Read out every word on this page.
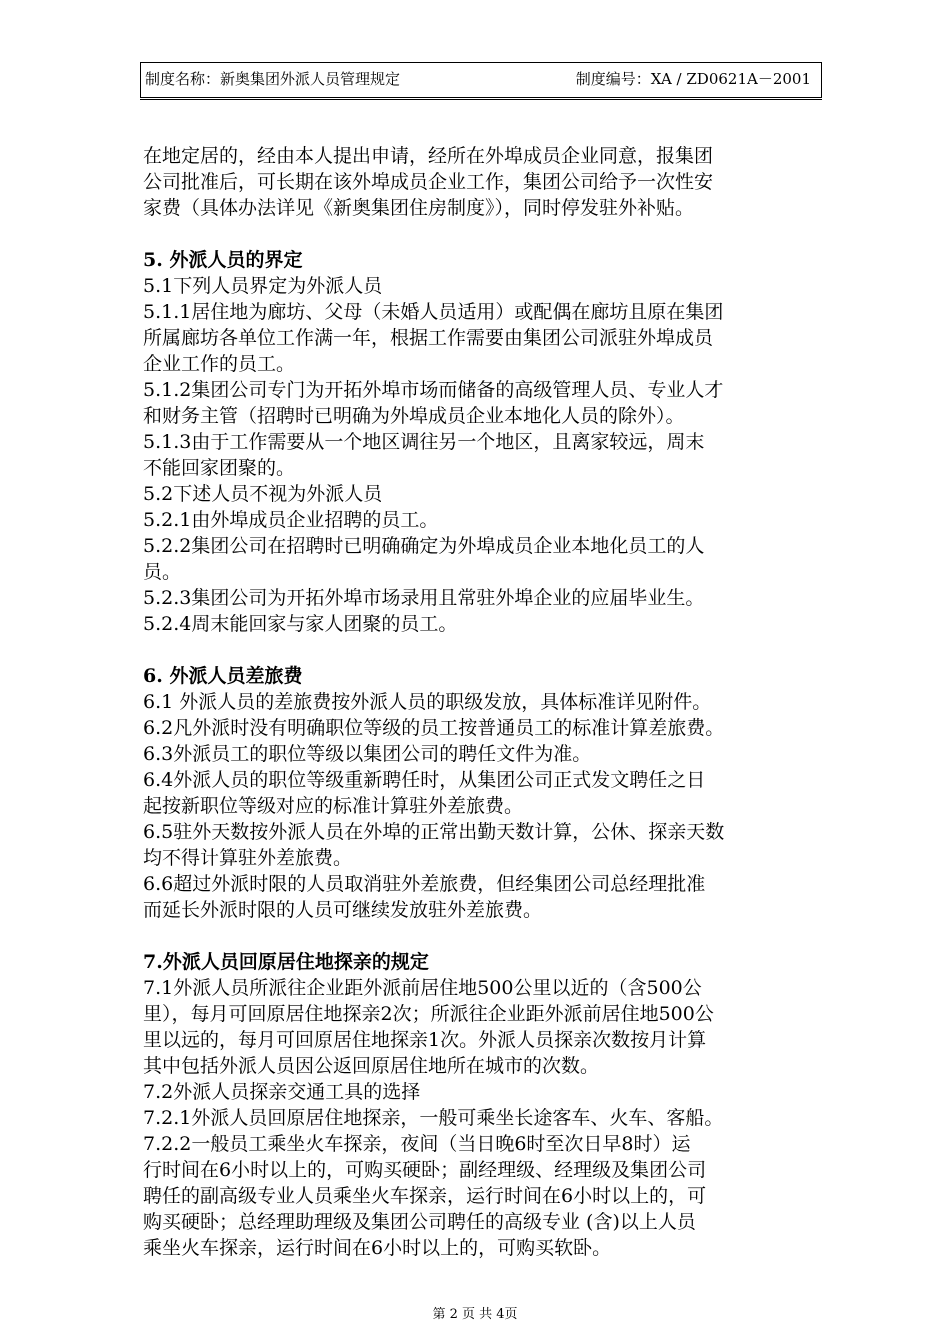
制度名称：新奥集团外派人员管理规定	制度编号：XA / ZD0621A－2001

在地定居的，经由本人提出申请，经所在外埠成员企业同意，报集团

公司批准后，可长期在该外埠成员企业工作，集团公司给予一次性安

家费（具体办法详见《新奥集团住房制度》），同时停发驻外补贴。

5. 外派人员的界定

5.1下列人员界定为外派人员

5.1.1居住地为廊坊、父母（未婚人员适用）或配偶在廊坊且原在集团

所属廊坊各单位工作满一年，根据工作需要由集团公司派驻外埠成员

企业工作的员工。

5.1.2集团公司专门为开拓外埠市场而储备的高级管理人员、专业人才

和财务主管（招聘时已明确为外埠成员企业本地化人员的除外）。

5.1.3由于工作需要从一个地区调往另一个地区，且离家较远，周末

不能回家团聚的。

5.2下述人员不视为外派人员

5.2.1由外埠成员企业招聘的员工。

5.2.2集团公司在招聘时已明确确定为外埠成员企业本地化员工的人

员。

5.2.3集团公司为开拓外埠市场录用且常驻外埠企业的应届毕业生。

5.2.4周末能回家与家人团聚的员工。

6. 外派人员差旅费

6.1 外派人员的差旅费按外派人员的职级发放，具体标准详见附件。

6.2凡外派时没有明确职位等级的员工按普通员工的标准计算差旅费。

6.3外派员工的职位等级以集团公司的聘任文件为准。

6.4外派人员的职位等级重新聘任时，从集团公司正式发文聘任之日

起按新职位等级对应的标准计算驻外差旅费。

6.5驻外天数按外派人员在外埠的正常出勤天数计算，公休、探亲天数

均不得计算驻外差旅费。

6.6超过外派时限的人员取消驻外差旅费，但经集团公司总经理批准

而延长外派时限的人员可继续发放驻外差旅费。

7.外派人员回原居住地探亲的规定

7.1外派人员所派往企业距外派前居住地500公里以近的（含500公

里），每月可回原居住地探亲2次；所派往企业距外派前居住地500公

里以远的，每月可回原居住地探亲1次。外派人员探亲次数按月计算

其中包括外派人员因公返回原居住地所在城市的次数。

7.2外派人员探亲交通工具的选择

7.2.1外派人员回原居住地探亲，一般可乘坐长途客车、火车、客船。

7.2.2一般员工乘坐火车探亲，夜间（当日晚6时至次日早8时）运

行时间在6小时以上的，可购买硬卧；副经理级、经理级及集团公司

聘任的副高级专业人员乘坐火车探亲，运行时间在6小时以上的，可

购买硬卧；总经理助理级及集团公司聘任的高级专业 (含)以上人员

乘坐火车探亲，运行时间在6小时以上的，可购买软卧。

第 2 页 共 4页
